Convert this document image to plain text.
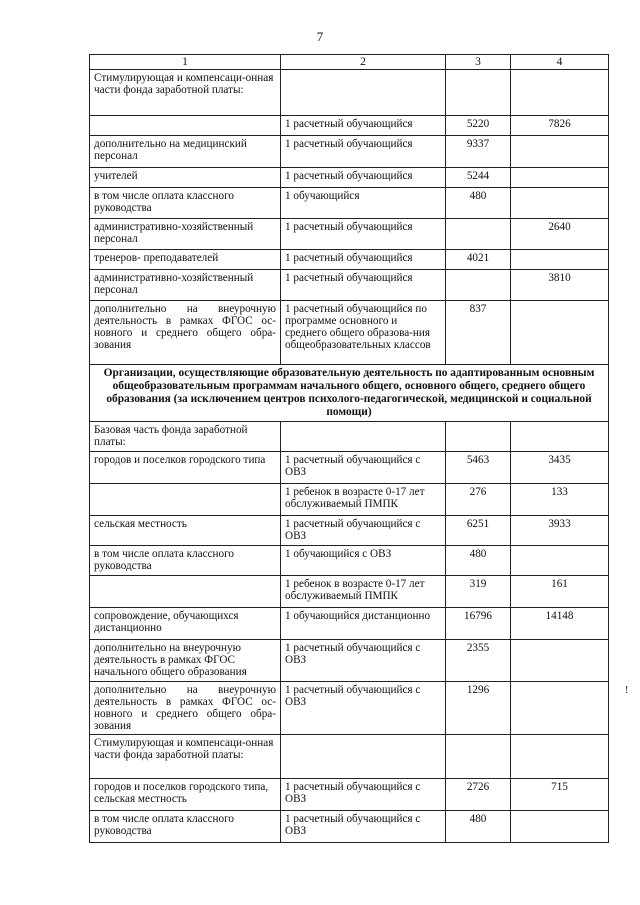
7
1	2	3	4
Стимулирующая и компенсаци-онная части фонда заработной платы:			
	1 расчетный обучающийся	5220	7826
дополнительно на медицинский персонал	1 расчетный обучающийся	9337	
учителей	1 расчетный обучающийся	5244	
в том числе оплата классного руководства	1 обучающийся	480	
административно-хозяйственный персонал	1 расчетный обучающийся		2640
тренеров- преподавателей	1 расчетный обучающийся	4021	
административно-хозяйственный персонал	1 расчетный обучающийся		3810
дополнительно на внеурочную деятельность в рамках ФГОС ос-новного и среднего общего обра-зования	1 расчетный обучающийся по программе основного и среднего общего образова-ния общеобразовательных классов	837	
Организации, осуществляющие образовательную деятельность по адаптированным основным общеобразовательным программам начального общего, основного общего, среднего общего образования (за исключением центров психолого-педагогической, медицинской и социальной помощи)			
Базовая часть фонда заработной платы:			
городов и поселков городского типа	1 расчетный обучающийся с ОВЗ	5463	3435
	1 ребенок в возрасте 0-17 лет обслуживаемый ПМПК	276	133
сельская местность	1 расчетный обучающийся с ОВЗ	6251	3933
в том числе оплата классного руководства	1 обучающийся с ОВЗ	480	
	1 ребенок в возрасте 0-17 лет обслуживаемый ПМПК	319	161
сопровождение, обучающихся дистанционно	1 обучающийся дистанционно	16796	14148
дополнительно на внеурочную деятельность в рамках ФГОС начального общего образования	1 расчетный обучающийся с ОВЗ	2355	
дополнительно на внеурочную деятельность в рамках ФГОС ос-новного и среднего общего обра-зования	1 расчетный обучающийся с ОВЗ	1296	
Стимулирующая и компенсаци-онная части фонда заработной платы:			
городов и поселков городского типа, сельская местность	1 расчетный обучающийся с ОВЗ	2726	715
в том числе оплата классного руководства	1 расчетный обучающийся с ОВЗ	480	
!
